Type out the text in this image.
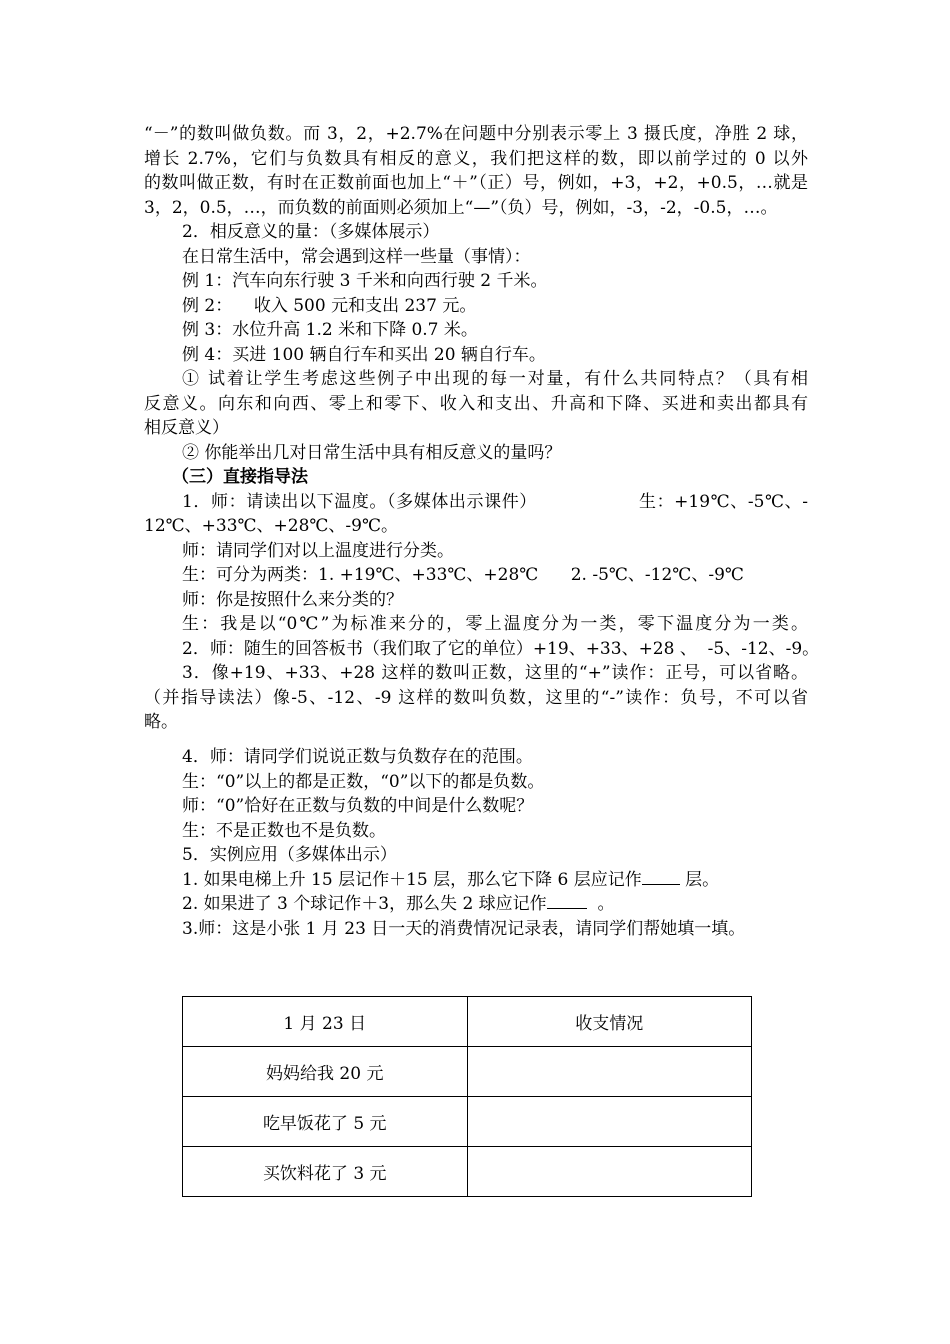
“－”的数叫做负数。而 3，2，+2.7%在问题中分别表示零上 3 摄氏度，净胜 2 球，

增长 2.7%，它们与负数具有相反的意义，我们把这样的数，即以前学过的 0 以外

的数叫做正数，有时在正数前面也加上“＋”（正）号，例如，+3，+2，+0.5，…就是

3，2，0.5，…，而负数的前面则必须加上“—”（负）号，例如，-3，-2，-0.5，…。

2．相反意义的量：（多媒体展示）

在日常生活中，常会遇到这样一些量（事情）：

例 1：汽车向东行驶 3 千米和向西行驶 2 千米。

例 2：    收入 500 元和支出 237 元。

例 3：水位升高 1.2 米和下降 0.7 米。

例 4：买进 100 辆自行车和买出 20 辆自行车。

① 试着让学生考虑这些例子中出现的每一对量，有什么共同特点？（具有相

反意义。向东和向西、零上和零下、收入和支出、升高和下降、买进和卖出都具有

相反意义）

② 你能举出几对日常生活中具有相反意义的量吗？

（三）直接指导法

1．师：请读出以下温度。（多媒体出示课件）                 生：+19℃、-5℃、-

12℃、+33℃、+28℃、-9℃。

师：请同学们对以上温度进行分类。

生：可分为两类：1. +19℃、+33℃、+28℃      2. -5℃、-12℃、-9℃

师：你是按照什么来分类的？

生：我是以“0℃”为标准来分的，零上温度分为一类，零下温度分为一类。

2．师：随生的回答板书（我们取了它的单位）+19、+33、+28 、  -5、-12、-9。

3．像+19、+33、+28 这样的数叫正数，这里的“+”读作：正号，可以省略。

（并指导读法）像-5、-12、-9 这样的数叫负数，这里的“-”读作：负号，不可以省

略。

4．师：请同学们说说正数与负数存在的范围。

生：“0”以上的都是正数，“0”以下的都是负数。

师：“0”恰好在正数与负数的中间是什么数呢？

生：不是正数也不是负数。

5．实例应用（多媒体出示）

1. 如果电梯上升 15 层记作＋15 层，那么它下降 6 层应记作 层。

2. 如果进了 3 个球记作＋3，那么失 2 球应记作  。

3.师：这是小张 1 月 23 日一天的消费情况记录表，请同学们帮她填一填。

1 月 23 日	收支情况
妈妈给我 20 元	
吃早饭花了 5 元	
买饮料花了 3 元	
